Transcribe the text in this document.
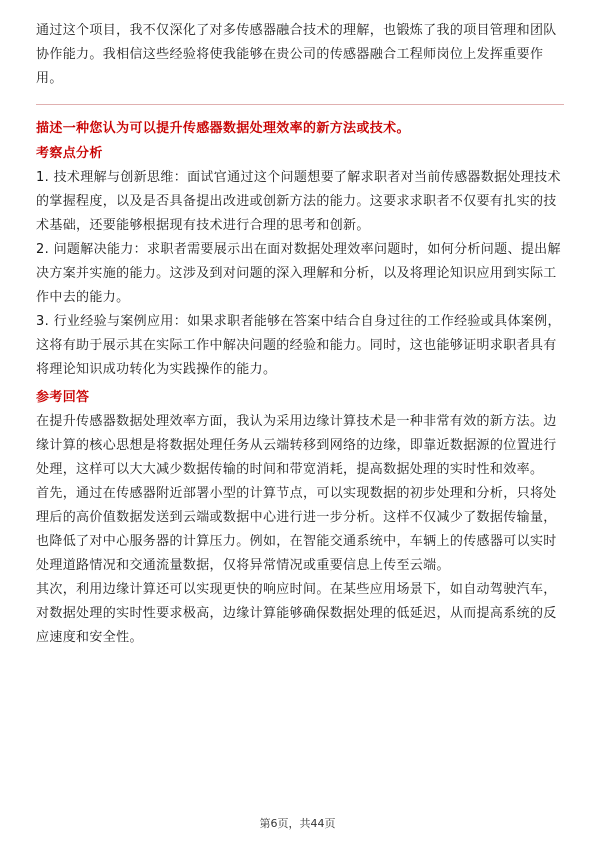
通过这个项目，我不仅深化了对多传感器融合技术的理解，也锻炼了我的项目管理和团队协作能力。我相信这些经验将使我能够在贵公司的传感器融合工程师岗位上发挥重要作用。

描述一种您认为可以提升传感器数据处理效率的新方法或技术。

考察点分析

1. 技术理解与创新思维：面试官通过这个问题想要了解求职者对当前传感器数据处理技术的掌握程度，以及是否具备提出改进或创新方法的能力。这要求求职者不仅要有扎实的技术基础，还要能够根据现有技术进行合理的思考和创新。

2. 问题解决能力：求职者需要展示出在面对数据处理效率问题时，如何分析问题、提出解决方案并实施的能力。这涉及到对问题的深入理解和分析，以及将理论知识应用到实际工作中去的能力。

3. 行业经验与案例应用：如果求职者能够在答案中结合自身过往的工作经验或具体案例，这将有助于展示其在实际工作中解决问题的经验和能力。同时，这也能够证明求职者具有将理论知识成功转化为实践操作的能力。

参考回答

在提升传感器数据处理效率方面，我认为采用边缘计算技术是一种非常有效的新方法。边缘计算的核心思想是将数据处理任务从云端转移到网络的边缘，即靠近数据源的位置进行处理，这样可以大大减少数据传输的时间和带宽消耗，提高数据处理的实时性和效率。

首先，通过在传感器附近部署小型的计算节点，可以实现数据的初步处理和分析，只将处理后的高价值数据发送到云端或数据中心进行进一步分析。这样不仅减少了数据传输量，也降低了对中心服务器的计算压力。例如，在智能交通系统中，车辆上的传感器可以实时处理道路情况和交通流量数据，仅将异常情况或重要信息上传至云端。

其次，利用边缘计算还可以实现更快的响应时间。在某些应用场景下，如自动驾驶汽车，对数据处理的实时性要求极高，边缘计算能够确保数据处理的低延迟，从而提高系统的反应速度和安全性。

第6页，共44页
